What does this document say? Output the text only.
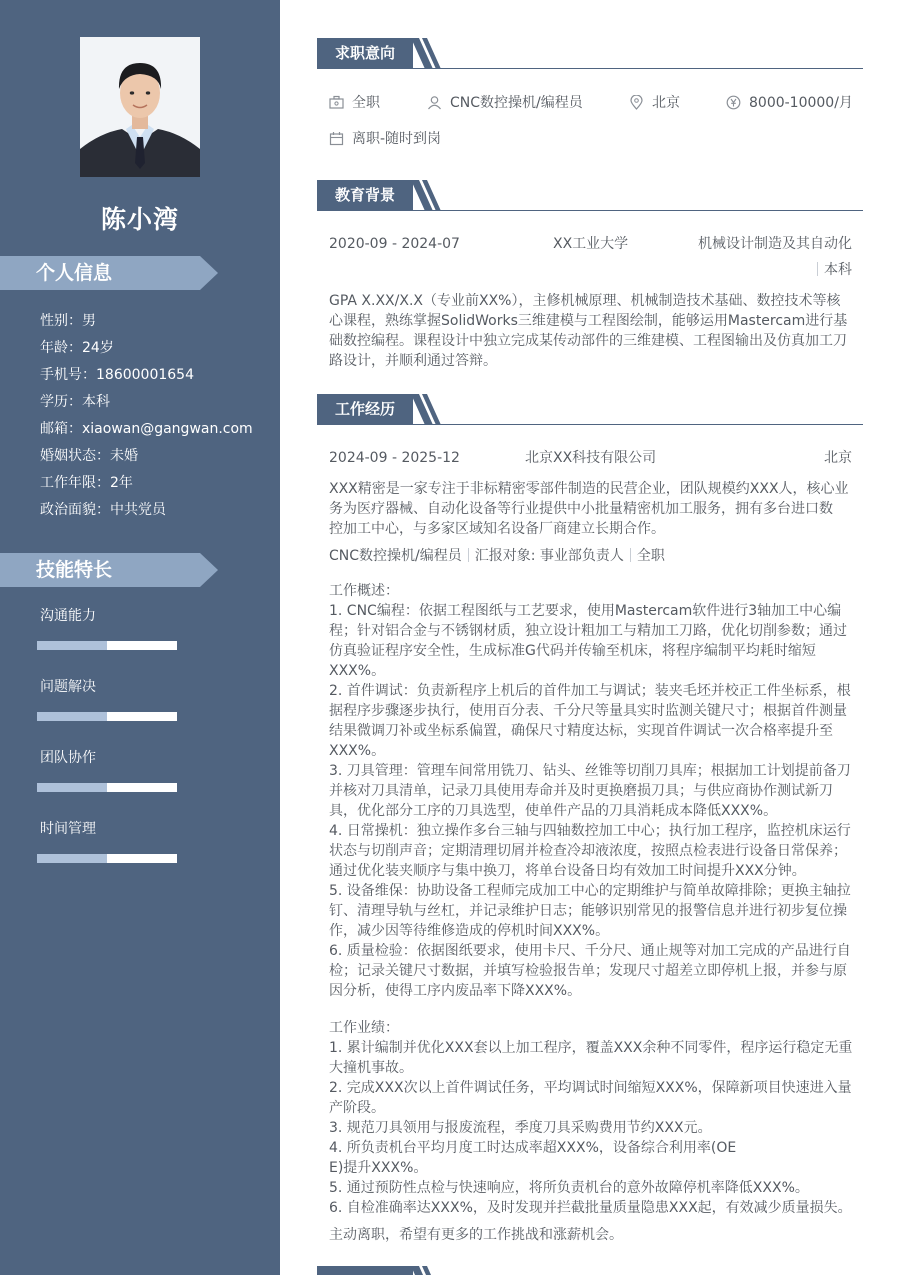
陈小湾
个人信息
性别：男
年龄：24岁
手机号：18600001654
学历：本科
邮箱：xiaowan@gangwan.com
婚姻状态：未婚
工作年限：2年
政治面貌：中共党员
技能特长
沟通能力
问题解决
团队协作
时间管理
求职意向
全职	CNC数控操机/编程员	北京	8000-10000/月
离职-随时到岗
教育背景
2020-09 - 2024-07	XX工业大学	机械设计制造及其自动化
本科
GPA X.XX/X.X（专业前XX%），主修机械原理、机械制造技术基础、数控技术等核
心课程，熟练掌握SolidWorks三维建模与工程图绘制，能够运用Mastercam进行基
础数控编程。课程设计中独立完成某传动部件的三维建模、工程图输出及仿真加工刀
路设计，并顺利通过答辩。
工作经历
2024-09 - 2025-12	北京XX科技有限公司	北京
XXX精密是一家专注于非标精密零部件制造的民营企业，团队规模约XXX人，核心业
务为医疗器械、自动化设备等行业提供中小批量精密机加工服务，拥有多台进口数
控加工中心，与多家区域知名设备厂商建立长期合作。
CNC数控操机/编程员 汇报对象: 事业部负责人 全职
工作概述：
1. CNC编程：依据工程图纸与工艺要求，使用Mastercam软件进行3轴加工中心编
程；针对铝合金与不锈钢材质，独立设计粗加工与精加工刀路，优化切削参数；通过
仿真验证程序安全性，生成标准G代码并传输至机床，将程序编制平均耗时缩短
XXX%。
2. 首件调试：负责新程序上机后的首件加工与调试；装夹毛坯并校正工件坐标系，根
据程序步骤逐步执行，使用百分表、千分尺等量具实时监测关键尺寸；根据首件测量
结果微调刀补或坐标系偏置，确保尺寸精度达标，实现首件调试一次合格率提升至
XXX%。
3. 刀具管理：管理车间常用铣刀、钻头、丝锥等切削刀具库；根据加工计划提前备刀
并核对刀具清单，记录刀具使用寿命并及时更换磨损刀具；与供应商协作测试新刀
具，优化部分工序的刀具选型，使单件产品的刀具消耗成本降低XXX%。
4. 日常操机：独立操作多台三轴与四轴数控加工中心；执行加工程序，监控机床运行
状态与切削声音；定期清理切屑并检查冷却液浓度，按照点检表进行设备日常保养；
通过优化装夹顺序与集中换刀，将单台设备日均有效加工时间提升XXX分钟。
5. 设备维保：协助设备工程师完成加工中心的定期维护与简单故障排除；更换主轴拉
钉、清理导轨与丝杠，并记录维护日志；能够识别常见的报警信息并进行初步复位操
作，减少因等待维修造成的停机时间XXX%。
6. 质量检验：依据图纸要求，使用卡尺、千分尺、通止规等对加工完成的产品进行自
检；记录关键尺寸数据，并填写检验报告单；发现尺寸超差立即停机上报，并参与原
因分析，使得工序内废品率下降XXX%。
工作业绩：
1. 累计编制并优化XXX套以上加工程序，覆盖XXX余种不同零件，程序运行稳定无重
大撞机事故。
2. 完成XXX次以上首件调试任务，平均调试时间缩短XXX%，保障新项目快速进入量
产阶段。
3. 规范刀具领用与报废流程，季度刀具采购费用节约XXX元。
4. 所负责机台平均月度工时达成率超XXX%，设备综合利用率(OE
E)提升XXX%。
5. 通过预防性点检与快速响应，将所负责机台的意外故障停机率降低XXX%。
6. 自检准确率达XXX%，及时发现并拦截批量质量隐患XXX起，有效减少质量损失。
主动离职，希望有更多的工作挑战和涨薪机会。
